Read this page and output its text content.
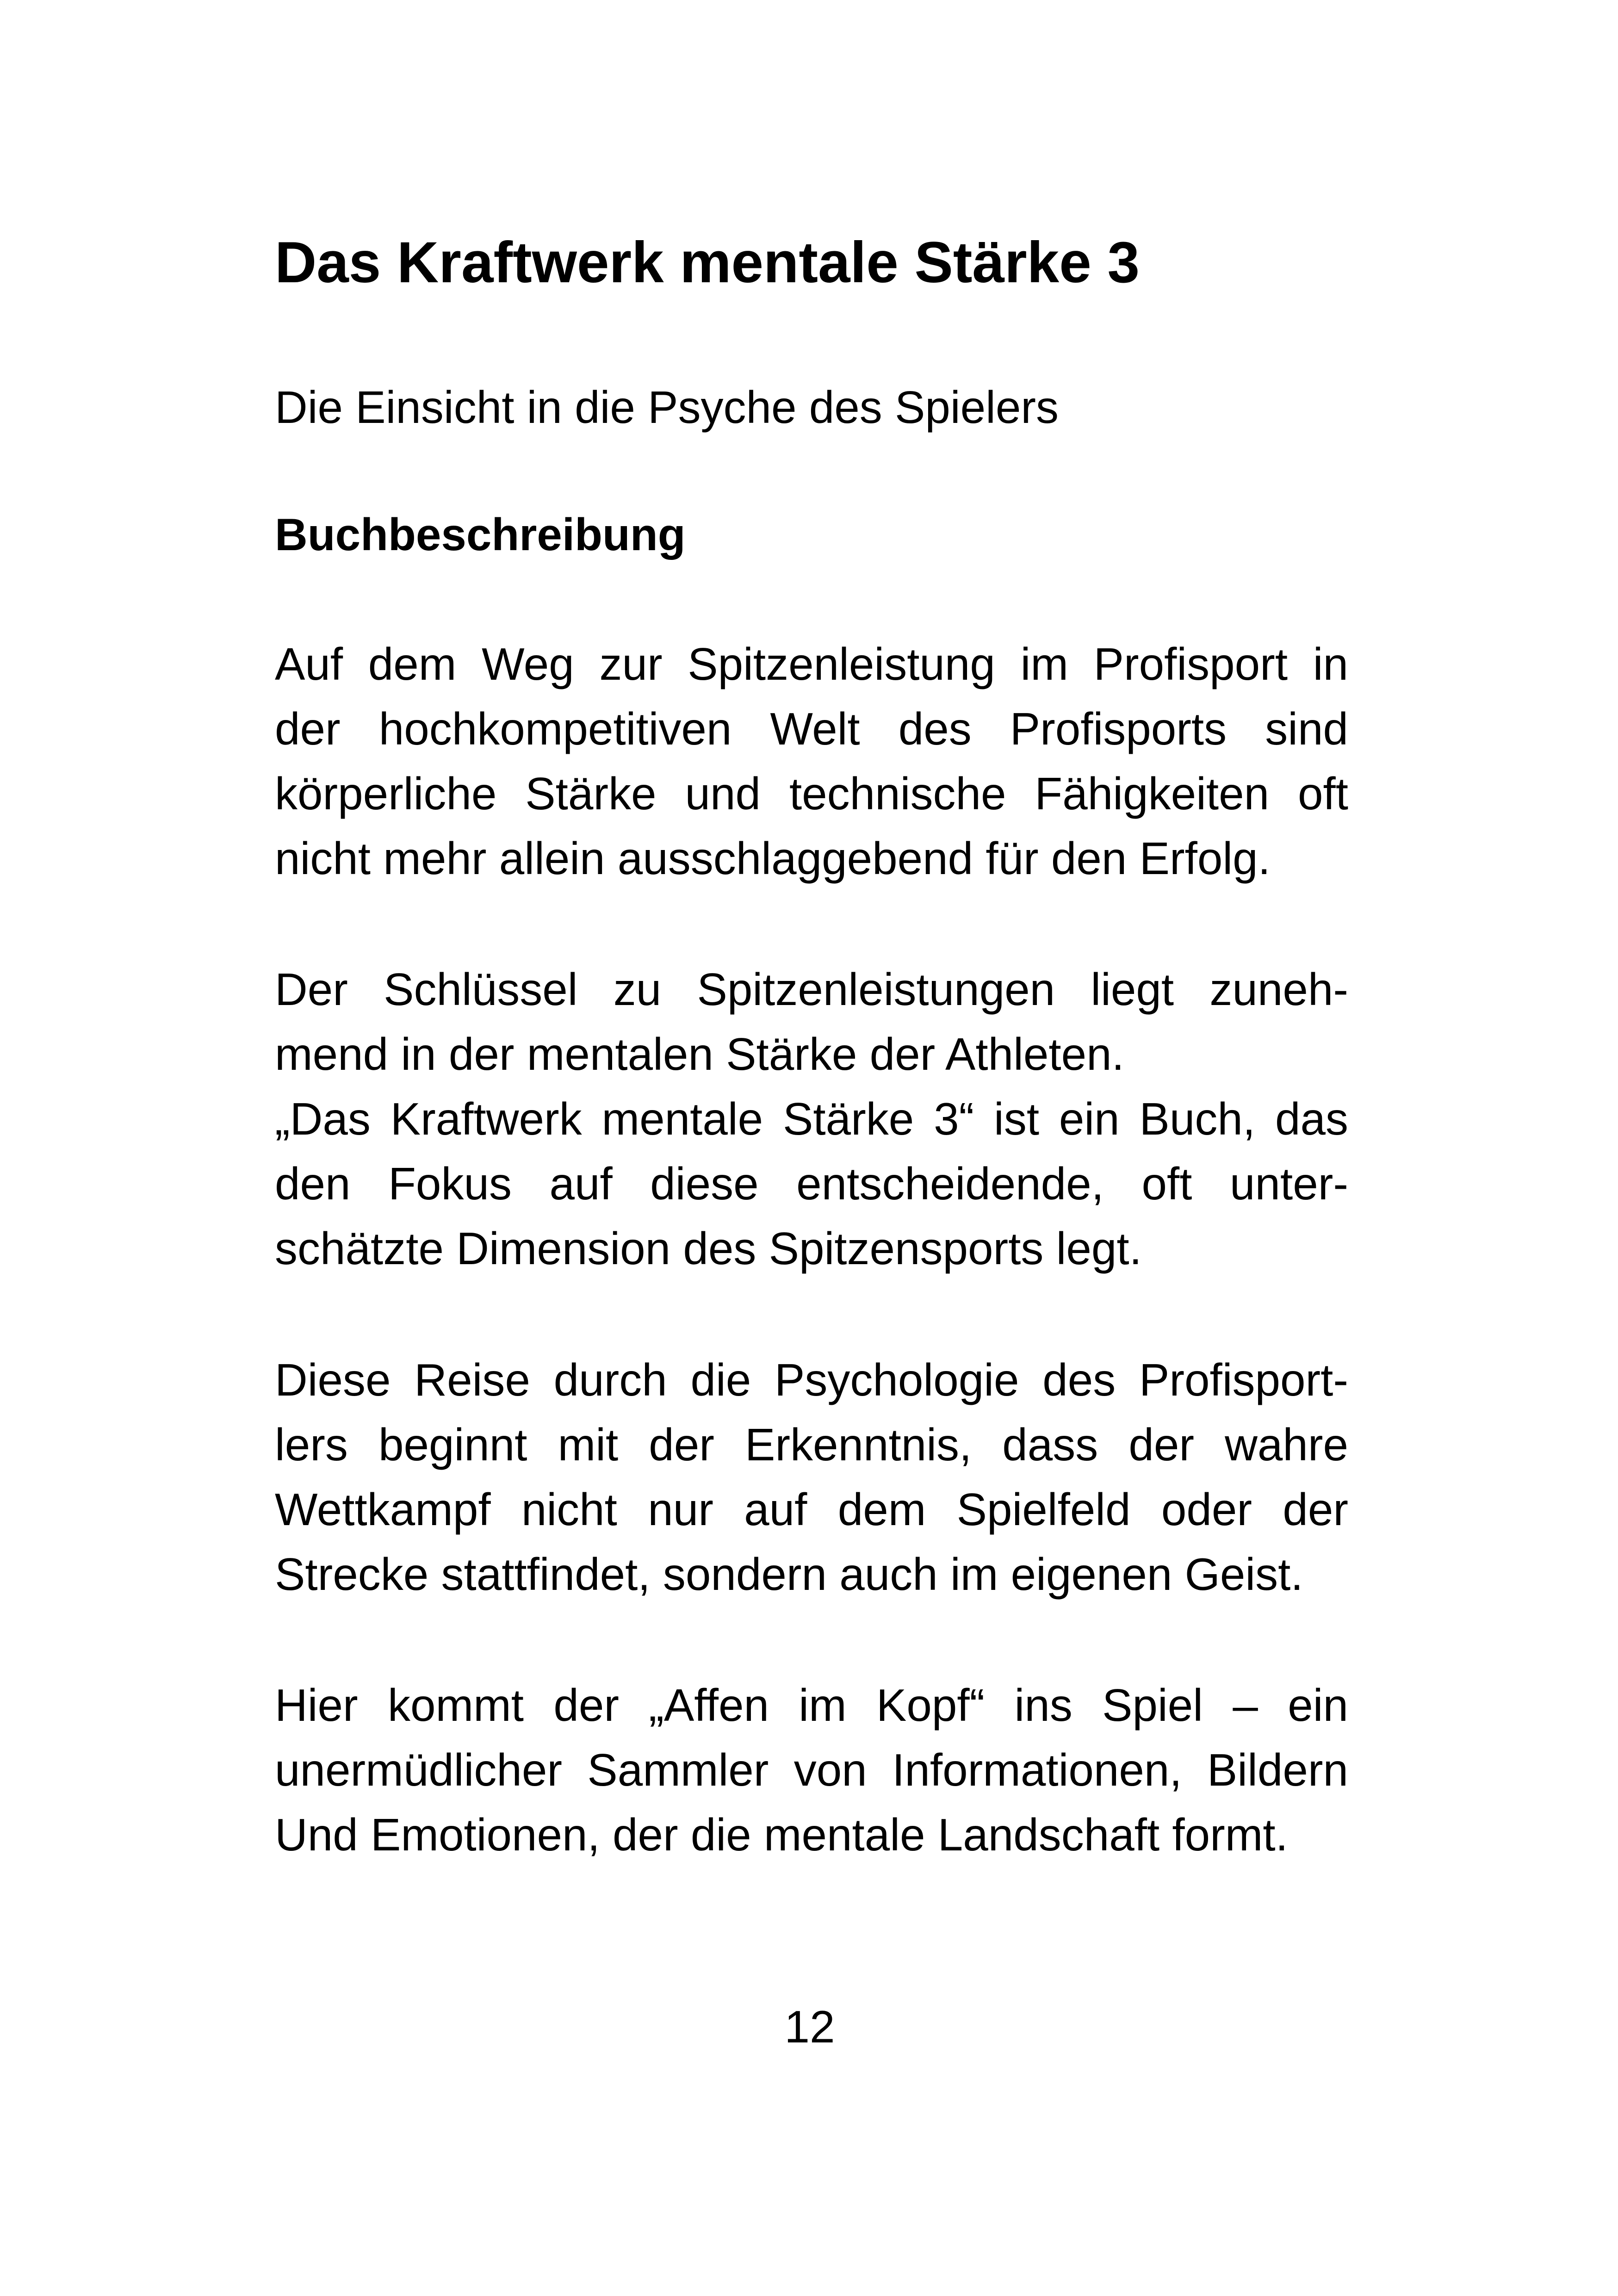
Das Kraftwerk mentale Stärke 3

Die Einsicht in die Psyche des Spielers

Buchbeschreibung

Auf dem Weg zur Spitzenleistung im Profisport in
der hochkompetitiven Welt des Profisports sind
körperliche Stärke und technische Fähigkeiten oft
nicht mehr allein ausschlaggebend für den Erfolg.

Der Schlüssel zu Spitzenleistungen liegt zuneh-
mend in der mentalen Stärke der Athleten.
„Das Kraftwerk mentale Stärke 3“ ist ein Buch, das
den Fokus auf diese entscheidende, oft unter-
schätzte Dimension des Spitzensports legt.

Diese Reise durch die Psychologie des Profisport-
lers beginnt mit der Erkenntnis, dass der wahre
Wettkampf nicht nur auf dem Spielfeld oder der
Strecke stattfindet, sondern auch im eigenen Geist.

Hier kommt der „Affen im Kopf“ ins Spiel – ein
unermüdlicher Sammler von Informationen, Bildern
Und Emotionen, der die mentale Landschaft formt.

12
